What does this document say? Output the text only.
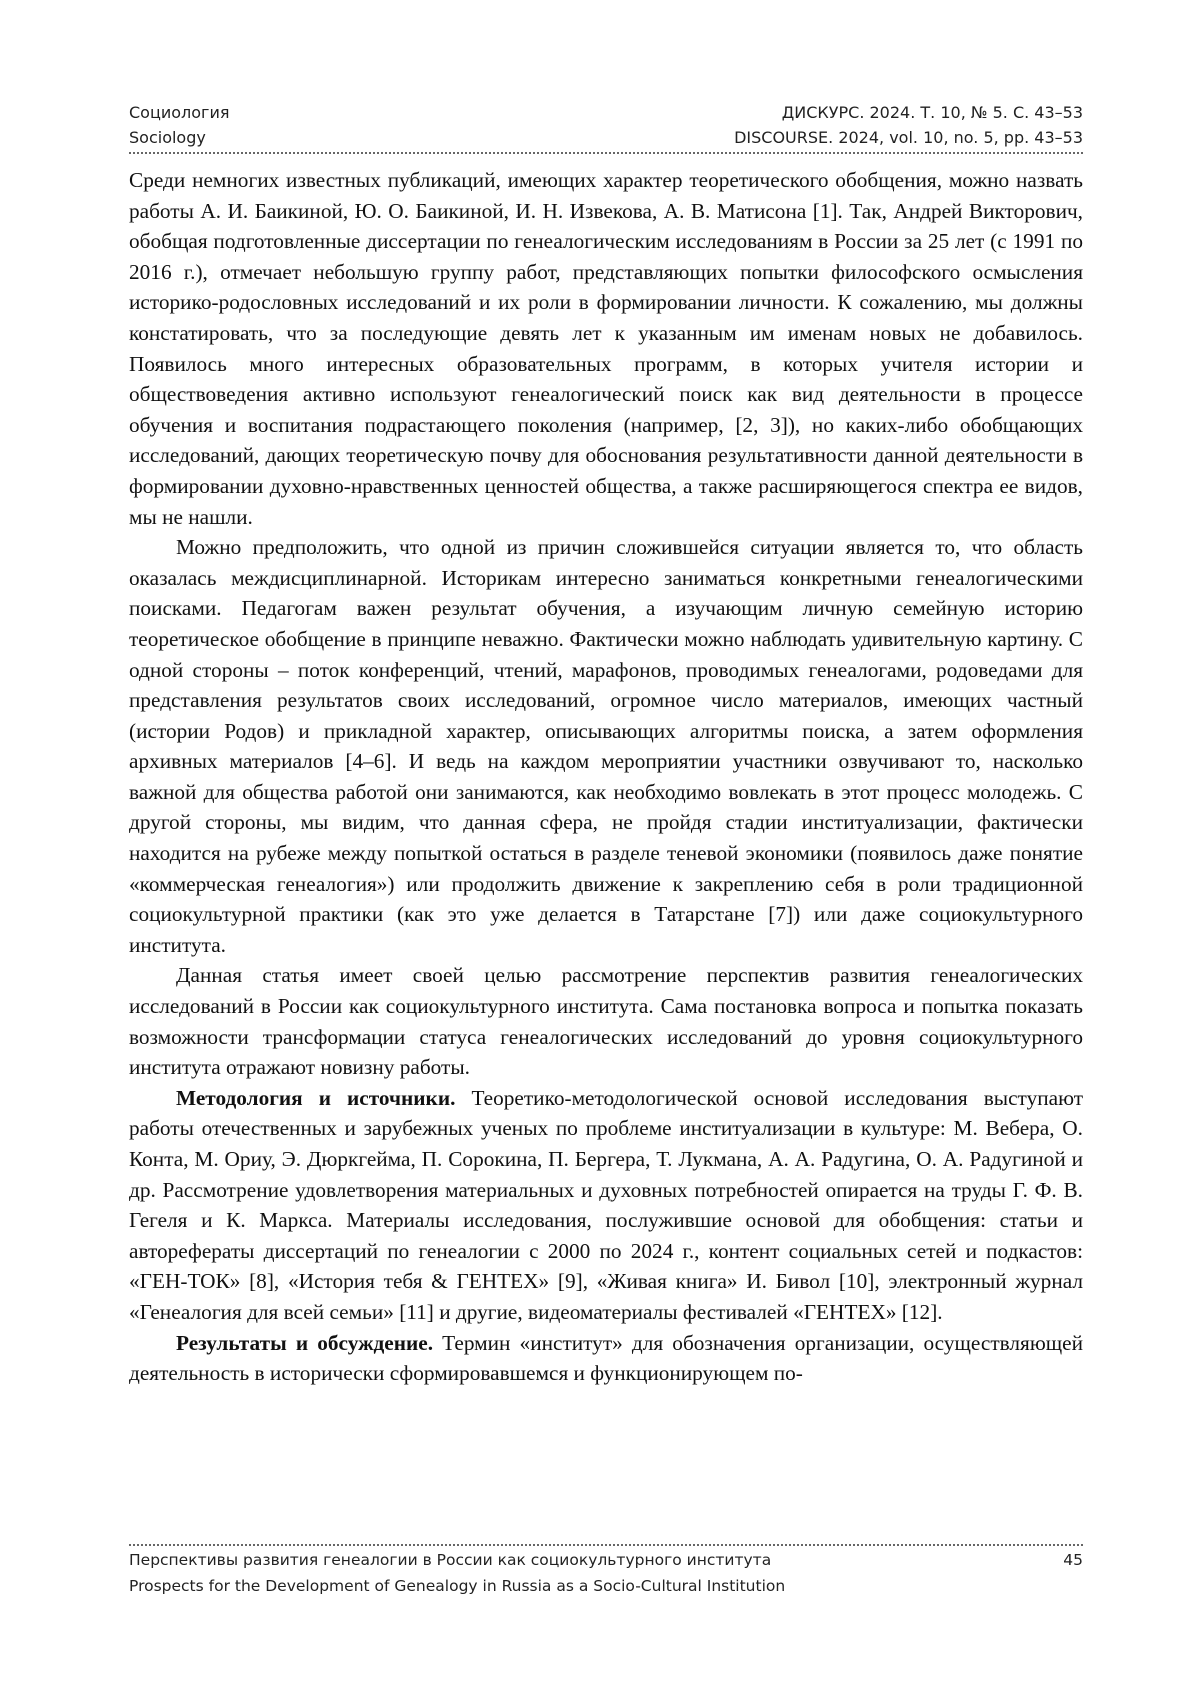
Социология	ДИСКУРС. 2024. Т. 10, № 5. С. 43–53
Sociology	DISCOURSE. 2024, vol. 10, no. 5, pp. 43–53

Среди немногих известных публикаций, имеющих характер теоретического обобщения, можно назвать работы А. И. Баикиной, Ю. О. Баикиной, И. Н. Извекова, А. В. Матисона [1]. Так, Андрей Викторович, обобщая подготовленные диссертации по генеалогическим исследованиям в России за 25 лет (с 1991 по 2016 г.), отмечает небольшую группу работ, представляющих попытки философского осмысления историко-родословных исследований и их роли в формировании личности. К сожалению, мы должны констатировать, что за последующие девять лет к указанным им именам новых не добавилось. Появилось много интересных образовательных программ, в которых учителя истории и обществоведения активно используют генеалогический поиск как вид деятельности в процессе обучения и воспитания подрастающего поколения (например, [2, 3]), но каких-либо обобщающих исследований, дающих теоретическую почву для обоснования результативности данной деятельности в формировании духовно-нравственных ценностей общества, а также расширяющегося спектра ее видов, мы не нашли.

Можно предположить, что одной из причин сложившейся ситуации является то, что область оказалась междисциплинарной. Историкам интересно заниматься конкретными генеалогическими поисками. Педагогам важен результат обучения, а изучающим личную семейную историю теоретическое обобщение в принципе неважно. Фактически можно наблюдать удивительную картину. С одной стороны – поток конференций, чтений, марафонов, проводимых генеалогами, родоведами для представления результатов своих исследований, огромное число материалов, имеющих частный (истории Родов) и прикладной характер, описывающих алгоритмы поиска, а затем оформления архивных материалов [4–6]. И ведь на каждом мероприятии участники озвучивают то, насколько важной для общества работой они занимаются, как необходимо вовлекать в этот процесс молодежь. С другой стороны, мы видим, что данная сфера, не пройдя стадии институализации, фактически находится на рубеже между попыткой остаться в разделе теневой экономики (появилось даже понятие «коммерческая генеалогия») или продолжить движение к закреплению себя в роли традиционной социокультурной практики (как это уже делается в Татарстане [7]) или даже социокультурного института.

Данная статья имеет своей целью рассмотрение перспектив развития генеалогических исследований в России как социокультурного института. Сама постановка вопроса и попытка показать возможности трансформации статуса генеалогических исследований до уровня социокультурного института отражают новизну работы.

Методология и источники. Теоретико-методологической основой исследования выступают работы отечественных и зарубежных ученых по проблеме институализации в культуре: М. Вебера, О. Конта, М. Ориу, Э. Дюркгейма, П. Сорокина, П. Бергера, Т. Лукмана, А. А. Радугина, О. А. Радугиной и др. Рассмотрение удовлетворения материальных и духовных потребностей опирается на труды Г. Ф. В. Гегеля и К. Маркса. Материалы исследования, послужившие основой для обобщения: статьи и авторефераты диссертаций по генеалогии с 2000 по 2024 г., контент социальных сетей и подкастов: «ГЕН-ТОК» [8], «История тебя & ГЕНТЕХ» [9], «Живая книга» И. Бивол [10], электронный журнал «Генеалогия для всей семьи» [11] и другие, видеоматериалы фестивалей «ГЕНТЕХ» [12].

Результаты и обсуждение. Термин «институт» для обозначения организации, осуществляющей деятельность в исторически сформировавшемся и функционирующем по-

Перспективы развития генеалогии в России как социокультурного института	45
Prospects for the Development of Genealogy in Russia as a Socio-Cultural Institution
